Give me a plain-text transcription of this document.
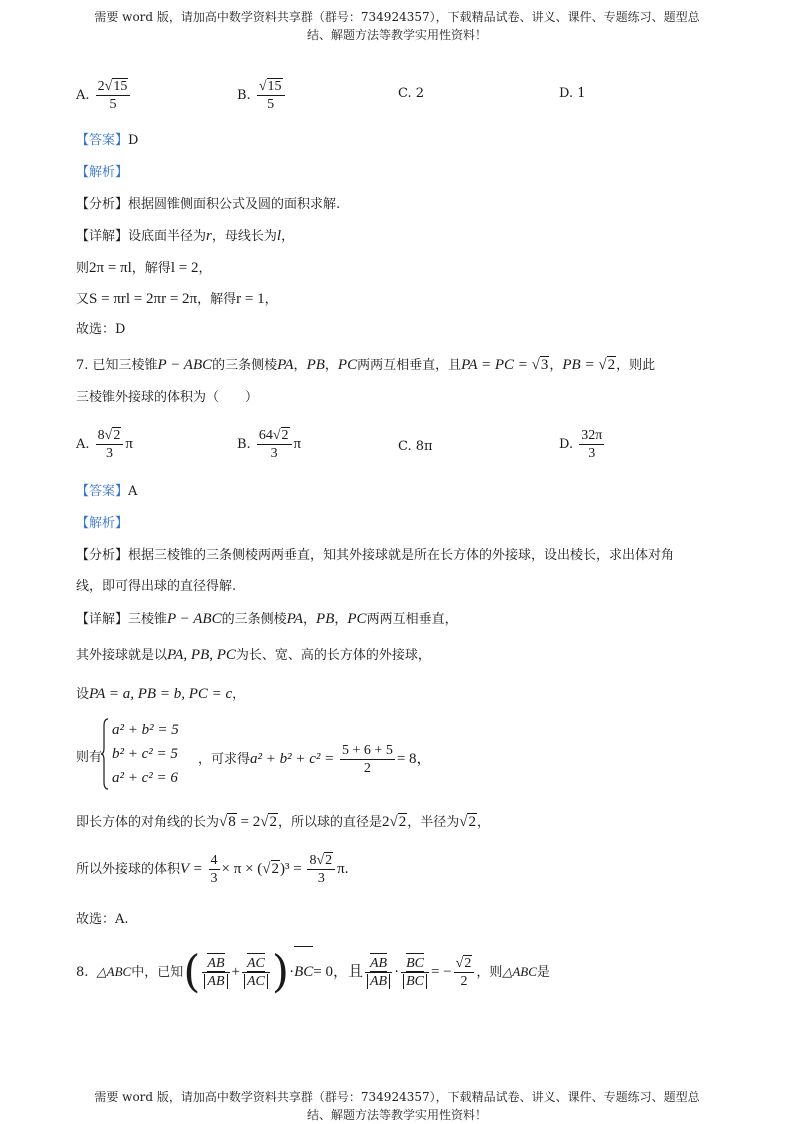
需要 word 版，请加高中数学资料共享群（群号：734924357），下载精品试卷、讲义、课件、专题练习、题型总
结、解题方法等教学实用性资料！
A. $\frac{2√15}{5}$	B. $\frac{√15}{5}$	C. 2	D. 1
【答案】D
【解析】
【分析】根据圆锥侧面积公式及圆的面积求解.
【详解】设底面半径为r，母线长为l，
则2π = πl，解得l = 2，
又S = πrl = 2πr = 2π，解得r = 1，
故选：D
7. 已知三棱锥P − ABC的三条侧棱PA，PB，PC两两互相垂直，且PA = PC = √3，PB = √2，则此
三棱锥外接球的体积为（　　）
A. $\frac{8√2}{3}$ π	B. $\frac{64√2}{3}$ π	C. 8π	D. $\frac{32\pi}{3}$
【答案】A
【解析】
【分析】根据三棱锥的三条侧棱两两垂直，知其外接球就是所在长方体的外接球，设出棱长，求出体对角
线，即可得出球的直径得解.
【详解】三棱锥P − ABC的三条侧棱PA，PB，PC两两互相垂直，
其外接球就是以PA, PB, PC为长、宽、高的长方体的外接球，
设PA = a, PB = b, PC = c，
则有
a² + b² = 5
b² + c² = 5
a² + c² = 6
，可求得$a^2 + b^2 + c^2 = \frac{5 + 6 + 5}{2} = 8$，
即长方体的对角线的长为√8 = 2√2，所以球的直径是2√2，半径为√2，
所以外接球的体积$V = \frac{4}{3} \times \pi \times (√2)^3 = \frac{8√2}{3} \pi$.
故选：A.
8. △ABC中，已知( $\frac{AB}{AB} + \frac{AC}{AC} )\cdot BC= 0$，且 $\frac{AB}{AB} \cdot \frac{BC}{BC}$ = − $\frac{√2}{2}$ ，则△ABC是
需要 word 版，请加高中数学资料共享群（群号：734924357），下载精品试卷、讲义、课件、专题练习、题型总
结、解题方法等教学实用性资料！
